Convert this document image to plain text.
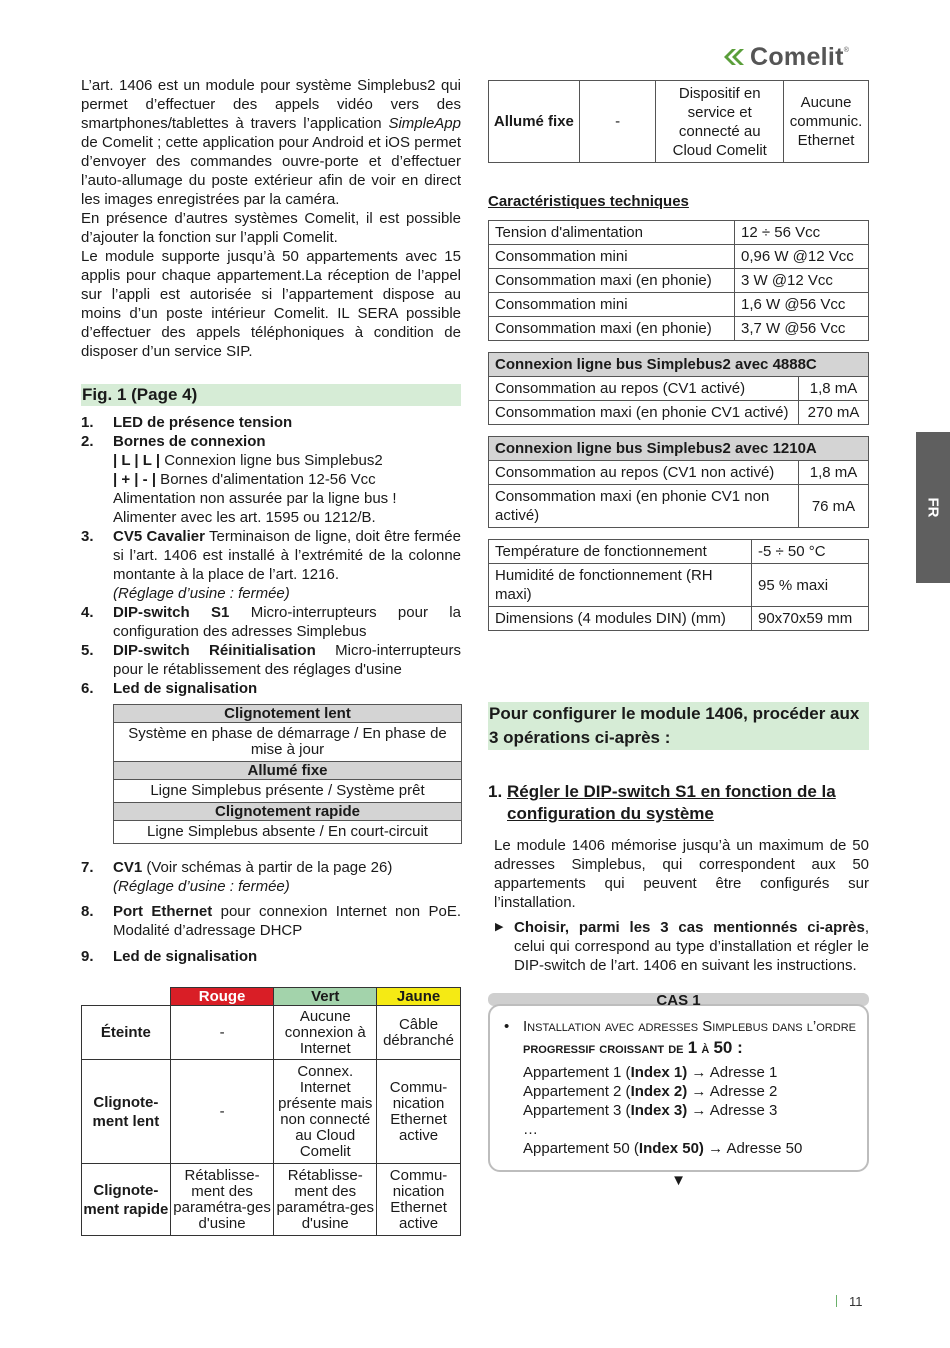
Comelit ®
FR

L’art. 1406 est un module pour système Simplebus2 qui permet d’effectuer des appels vidéo vers des smartphones/tablettes à travers l’application SimpleApp de Comelit ; cette application pour Android et iOS permet d’envoyer des commandes ouvre-porte et d’effectuer l’auto-allumage du poste extérieur afin de voir en direct les images enregistrées par la caméra.

En présence d’autres systèmes Comelit, il est possible d’ajouter la fonction sur l’appli Comelit.

Le module supporte jusqu’à 50 appartements avec 15 applis pour chaque appartement.La réception de l’appel sur l’appli est autorisée si l’appartement dispose au moins d’un poste intérieur Comelit. IL SERA possible d’effectuer des appels téléphoniques à condition de disposer d’un service SIP.

Fig. 1 (Page 4)
1. LED de présence tension
2. Bornes de connexion
| L | L | Connexion ligne bus Simplebus2
| + | - | Bornes d'alimentation 12-56 Vcc
Alimentation non assurée par la ligne bus ! Alimenter avec les art. 1595 ou 1212/B.
3. CV5 Cavalier Terminaison de ligne, doit être fermée si l’art. 1406 est installé à l’extrémité de la colonne montante à la place de l’art. 1216.
(Réglage d’usine : fermée)
4. DIP-switch S1 Micro-interrupteurs pour la configuration des adresses Simplebus
5. DIP-switch Réinitialisation Micro-interrupteurs pour le rétablissement des réglages d'usine
6. Led de signalisation
Clignotement lent
Système en phase de démarrage / En phase de mise à jour
Allumé fixe
Ligne Simplebus présente / Système prêt
Clignotement rapide
Ligne Simplebus absente / En court-circuit
7. CV1 (Voir schémas à partir de la page 26)
(Réglage d’usine : fermée)
8. Port Ethernet pour connexion Internet non PoE. Modalité d’adressage DHCP
9. Led de signalisation
	Rouge	Vert	Jaune
Éteinte	-	Aucune connexion à Internet	Câble débranché
Clignote-ment lent	-	Connex. Internet présente mais non connecté au Cloud Comelit	Commu-nication Ethernet active
Clignote-ment rapide	Rétablisse-ment des paramétra-ges d'usine	Rétablisse-ment des paramétra-ges d'usine	Commu-nication Ethernet active
Allumé fixe	-	Dispositif en service et connecté au Cloud Comelit	Aucune communic. Ethernet
Caractéristiques techniques
Tension d'alimentation	12 ÷ 56 Vcc
Consommation mini	0,96 W @12 Vcc
Consommation maxi (en phonie)	3 W @12 Vcc
Consommation mini	1,6 W @56 Vcc
Consommation maxi (en phonie)	3,7 W @56 Vcc
Connexion ligne bus Simplebus2 avec 4888C	
Consommation au repos (CV1 activé)	1,8 mA
Consommation maxi (en phonie CV1 activé)	270 mA
Connexion ligne bus Simplebus2 avec 1210A	
Consommation au repos (CV1 non activé)	1,8 mA
Consommation maxi (en phonie CV1 non activé)	76 mA
Température de fonctionnement	-5 ÷ 50 °C
Humidité de fonctionnement (RH maxi)	95 % maxi
Dimensions (4 modules DIN) (mm)	90x70x59 mm
Pour configurer le module 1406, procéder aux 3 opérations ci-après :
1. Régler le DIP-switch S1 en fonction de la configuration du système

Le module 1406 mémorise jusqu’à un maximum de 50 adresses Simplebus, qui correspondent aux 50 appartements qui peuvent être configurés sur l’installation.

▶ Choisir, parmi les 3 cas mentionnés ci-après, celui qui correspond au type d’installation et régler le DIP-switch de l’art. 1406 en suivant les instructions.

CAS 1

• Installation avec adresses Simplebus dans l’ordre progressif croissant de 1 à 50 :

Appartement 1 (Index 1) → Adresse 1
Appartement 2 (Index 2) → Adresse 2
Appartement 3 (Index 3) → Adresse 3
…
Appartement 50 (Index 50) → Adresse 50
▼
11
